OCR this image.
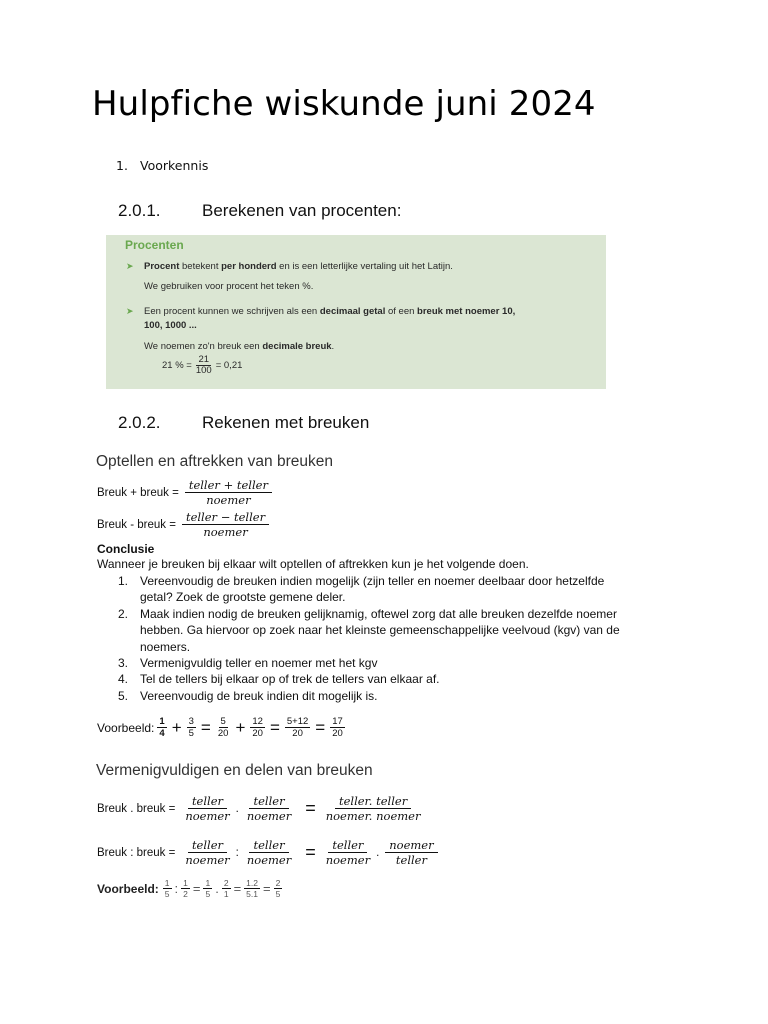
Hulpfiche wiskunde juni 2024
1. Voorkennis
2.0.1. Berekenen van procenten:
Procenten
➤ Procent betekent per honderd en is een letterlijke vertaling uit het Latijn.
We gebruiken voor procent het teken %.
➤ Een procent kunnen we schrijven als een decimaal getal of een breuk met noemer 10,
100, 1000 ...
We noemen zo'n breuk een decimale breuk.
21 % = $\frac{21}{100} = 0,21$
2.0.2. Rekenen met breuken
Optellen en aftrekken van breuken
Breuk + breuk =
teller + teller
noemer
Breuk - breuk =
teller − teller
noemer
Conclusie
Wanneer je breuken bij elkaar wilt optellen of aftrekken kun je het volgende doen.
1. Vereenvoudig de breuken indien mogelijk (zijn teller en noemer deelbaar door hetzelfde getal? Zoek de grootste gemene deler.
2. Maak indien nodig de breuken gelijknamig, oftewel zorg dat alle breuken dezelfde noemer hebben. Ga hiervoor op zoek naar het kleinste gemeenschappelijke veelvoud (kgv) van de noemers.
3. Vermenigvuldig teller en noemer met het kgv
4. Tel de tellers bij elkaar op of trek de tellers van elkaar af.
5. Vereenvoudig de breuk indien dit mogelijk is.
Voorbeeld: $\frac{1}{4} + \frac{3}{5} = \frac{5}{20} + \frac{12}{20} = \frac{5+12}{20} = \frac{17}{20}$
Vermenigvuldigen en delen van breuken
Breuk . breuk =
teller
noemer
.
teller
noemer =	teller. teller
noemer. noemer
Breuk : breuk =
teller
noemer
:
teller
noemer =	teller
noemer
.
noemer
teller
Voorbeeld: $\frac{1}{5}$ : $\frac{1}{2} = \frac{1}{5}$ . $\frac{2}{1} = \frac{1.2}{5.1} = \frac{2}{5}$
